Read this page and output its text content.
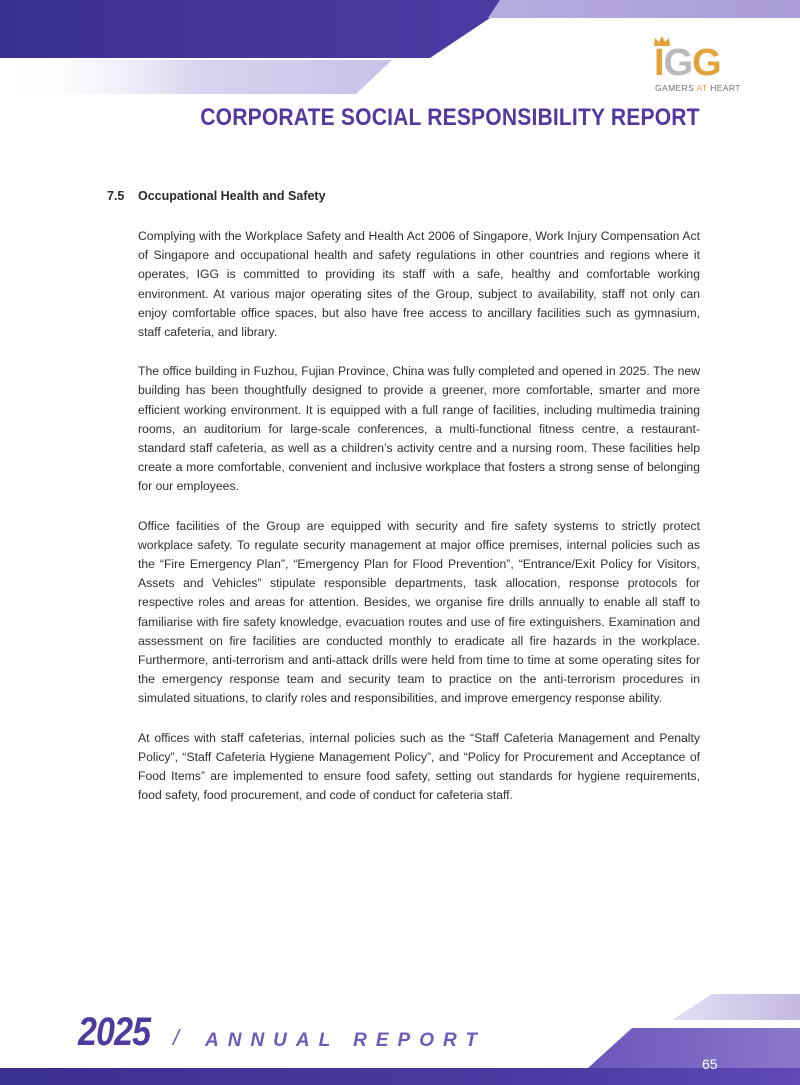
IGG
GAMERS AT HEART
CORPORATE SOCIAL RESPONSIBILITY REPORT
7.5 Occupational Health and Safety

Complying with the Workplace Safety and Health Act 2006 of Singapore, Work Injury Compensation Act of Singapore and occupational health and safety regulations in other countries and regions where it operates, IGG is committed to providing its staff with a safe, healthy and comfortable working environment. At various major operating sites of the Group, subject to availability, staff not only can enjoy comfortable office spaces, but also have free access to ancillary facilities such as gymnasium, staff cafeteria, and library.

The office building in Fuzhou, Fujian Province, China was fully completed and opened in 2025. The new building has been thoughtfully designed to provide a greener, more comfortable, smarter and more efficient working environment. It is equipped with a full range of facilities, including multimedia training rooms, an auditorium for large-scale conferences, a multi-functional fitness centre, a restaurant-standard staff cafeteria, as well as a children’s activity centre and a nursing room. These facilities help create a more comfortable, convenient and inclusive workplace that fosters a strong sense of belonging for our employees.

Office facilities of the Group are equipped with security and fire safety systems to strictly protect workplace safety. To regulate security management at major office premises, internal policies such as the “Fire Emergency Plan”, “Emergency Plan for Flood Prevention”, “Entrance/Exit Policy for Visitors, Assets and Vehicles” stipulate responsible departments, task allocation, response protocols for respective roles and areas for attention. Besides, we organise fire drills annually to enable all staff to familiarise with fire safety knowledge, evacuation routes and use of fire extinguishers. Examination and assessment on fire facilities are conducted monthly to eradicate all fire hazards in the workplace. Furthermore, anti-terrorism and anti-attack drills were held from time to time at some operating sites for the emergency response team and security team to practice on the anti-terrorism procedures in simulated situations, to clarify roles and responsibilities, and improve emergency response ability.

At offices with staff cafeterias, internal policies such as the “Staff Cafeteria Management and Penalty Policy”, “Staff Cafeteria Hygiene Management Policy”, and “Policy for Procurement and Acceptance of Food Items” are implemented to ensure food safety, setting out standards for hygiene requirements, food safety, food procurement, and code of conduct for cafeteria staff.

2025 / ANNUAL REPORT
65
